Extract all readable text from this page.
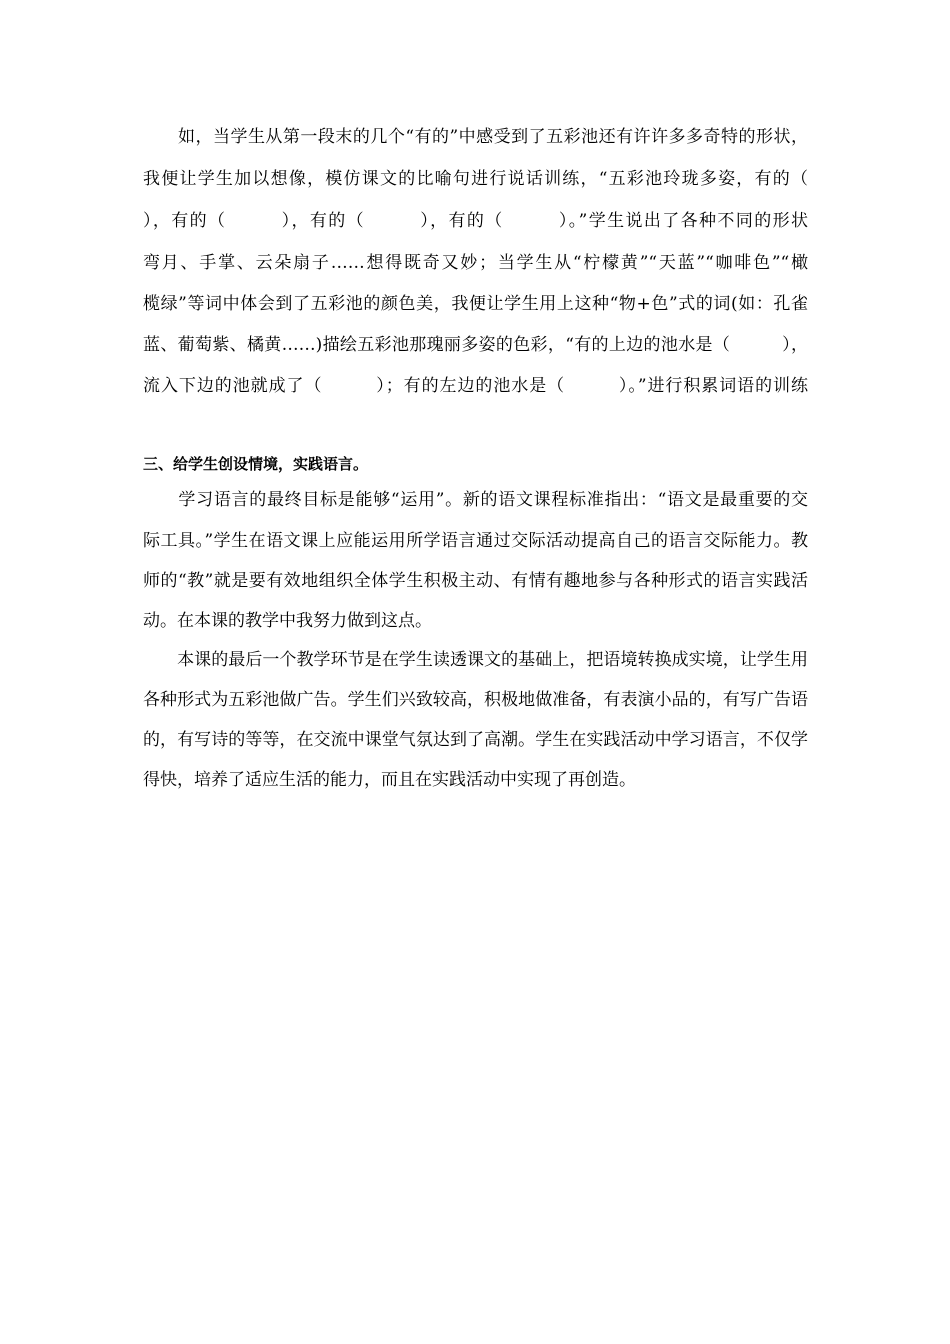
　　如，当学生从第一段末的几个“有的”中感受到了五彩池还有许许多多奇特的形状，
我便让学生加以想像，模仿课文的比喻句进行说话训练，“五彩池玲珑多姿，有的（
），有的（　　　），有的（　　　），有的（　　　）。”学生说出了各种不同的形状
弯月、手掌、云朵扇子……想得既奇又妙；当学生从“柠檬黄”“天蓝”“咖啡色”“橄
榄绿”等词中体会到了五彩池的颜色美，我便让学生用上这种“物+色”式的词(如：孔雀
蓝、葡萄紫、橘黄……)描绘五彩池那瑰丽多姿的色彩，“有的上边的池水是（　　　），
流入下边的池就成了（　　　）；有的左边的池水是（　　　）。”进行积累词语的训练
三、给学生创设情境，实践语言。
　　学习语言的最终目标是能够“运用”。新的语文课程标准指出：“语文是最重要的交
际工具。”学生在语文课上应能运用所学语言通过交际活动提高自己的语言交际能力。教
师的“教”就是要有效地组织全体学生积极主动、有情有趣地参与各种形式的语言实践活
动。在本课的教学中我努力做到这点。
　　本课的最后一个教学环节是在学生读透课文的基础上，把语境转换成实境，让学生用
各种形式为五彩池做广告。学生们兴致较高，积极地做准备，有表演小品的，有写广告语
的，有写诗的等等，在交流中课堂气氛达到了高潮。学生在实践活动中学习语言，不仅学
得快，培养了适应生活的能力，而且在实践活动中实现了再创造。
